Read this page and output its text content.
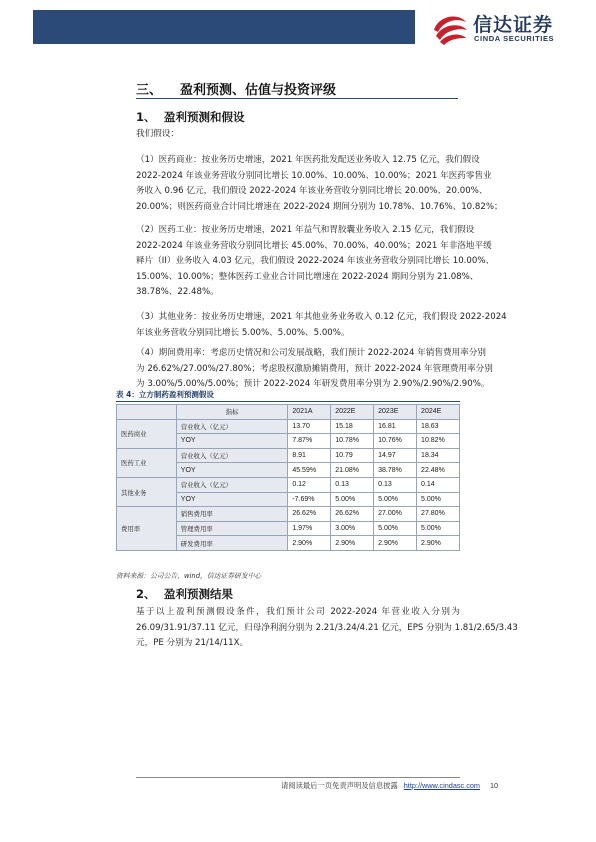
信达证券
CINDA SECURITIES
三、 盈利预测、估值与投资评级
1、 盈利预测和假设
我们假设：
（1）医药商业：按业务历史增速，2021 年医药批发配送业务收入 12.75 亿元，我们假设
2022-2024 年该业务营收分别同比增长 10.00%、10.00%、10.00%；2021 年医药零售业
务收入 0.96 亿元，我们假设 2022-2024 年该业务营收分别同比增长 20.00%、20.00%、
20.00%；则医药商业合计同比增速在 2022-2024 期间分别为 10.78%、10.76%、10.82%；
（2）医药工业：按业务历史增速，2021 年益气和胃胶囊业务收入 2.15 亿元，我们假设
2022-2024 年该业务营收分别同比增长 45.00%、70.00%、40.00%；2021 年非洛地平缓
释片（II）业务收入 4.03 亿元，我们假设 2022-2024 年该业务营收分别同比增长 10.00%、
15.00%、10.00%；整体医药工业业合计同比增速在 2022-2024 期间分别为 21.08%、
38.78%、22.48%。
（3）其他业务：按业务历史增速，2021 年其他业务业务收入 0.12 亿元，我们假设 2022-2024
年该业务营收分别同比增长 5.00%、5.00%、5.00%。
（4）期间费用率：考虑历史情况和公司发展战略，我们预计 2022-2024 年销售费用率分别
为 26.62%/27.00%/27.80%；考虑股权激励摊销费用，预计 2022-2024 年管理费用率分别
为 3.00%/5.00%/5.00%；预计 2022-2024 年研发费用率分别为 2.90%/2.90%/2.90%。
表 4：立方制药盈利预测假设
	指标	2021A	2022E	2023E	2024E
医药商业	营业收入（亿元）	13.70	15.18	16.81	18.63
	YOY	7.87%	10.78%	10.76%	10.82%
医药工业	营业收入（亿元）	8.91	10.79	14.97	18.34
	YOY	45.59%	21.08%	38.78%	22.48%
其他业务	营业收入（亿元）	0.12	0.13	0.13	0.14
	YOY	-7.69%	5.00%	5.00%	5.00%
费用率	销售费用率	26.62%	26.62%	27.00%	27.80%
	管理费用率	1.97%	3.00%	5.00%	5.00%
	研发费用率	2.90%	2.90%	2.90%	2.90%
资料来源：公司公告，wind，信达证券研发中心
2、 盈利预测结果
基于以上盈利预测假设条件，我们预计公司 2022-2024 年营业收入分别为
26.09/31.91/37.11 亿元，归母净利润分别为 2.21/3.24/4.21 亿元，EPS 分别为 1.81/2.65/3.43
元，PE 分别为 21/14/11X。
请阅读最后一页免责声明及信息披露 http://www.cindasc.com 10
